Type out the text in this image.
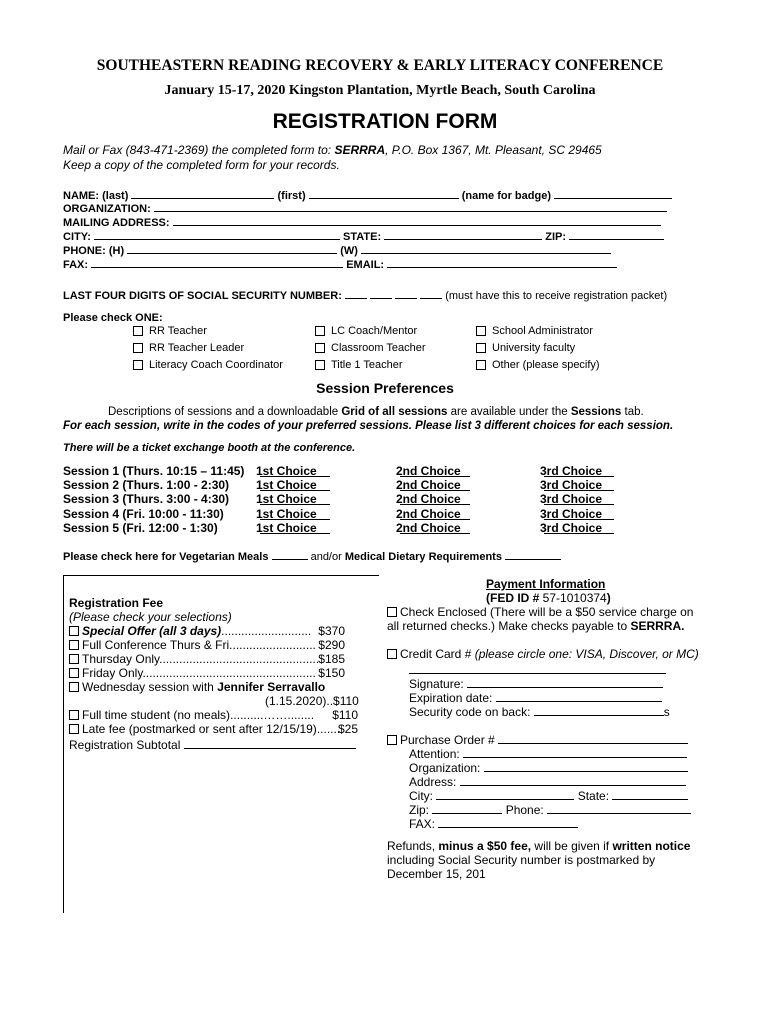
SOUTHEASTERN READING RECOVERY & EARLY LITERACY CONFERENCE
January 15-17, 2020 Kingston Plantation, Myrtle Beach, South Carolina
REGISTRATION FORM
Mail or Fax (843-471-2369) the completed form to: SERRRA, P.O. Box 1367, Mt. Pleasant, SC 29465
Keep a copy of the completed form for your records.
NAME: (last)	(first)	(name for badge)
ORGANIZATION:
MAILING ADDRESS:
CITY:	STATE:	ZIP:
PHONE: (H)	(W)
FAX:	EMAIL:
LAST FOUR DIGITS OF SOCIAL SECURITY NUMBER:	(must have this to receive registration packet)
Please check ONE:
RR Teacher
RR Teacher Leader
Literacy Coach Coordinator
LC Coach/Mentor
Classroom Teacher
Title 1 Teacher
School Administrator
University faculty
Other (please specify)
Session Preferences
Descriptions of sessions and a downloadable Grid of all sessions are available under the Sessions tab.
For each session, write in the codes of your preferred sessions. Please list 3 different choices for each session.
There will be a ticket exchange booth at the conference.
Session 1 (Thurs. 10:15 – 11:45) 1st Choice	2nd Choice	3rd Choice
Session 2 (Thurs. 1:00 - 2:30) 1st Choice	2nd Choice	3rd Choice
Session 3 (Thurs. 3:00 - 4:30) 1st Choice	2nd Choice	3rd Choice
Session 4 (Fri. 10:00 - 11:30)	1st Choice	2nd Choice	3rd Choice
Session 5 (Fri. 12:00 - 1:30)	1st Choice	2nd Choice	3rd Choice
Please check here for Vegetarian Meals	and/or Medical Dietary Requirements
Registration Fee
(Please check your selections)
Special Offer (all 3 days)........................... $370
Full Conference Thurs & Fri.......................... $290
Thursday Only................................................ $185
Friday Only.................................................... $150
Wednesday session with Jennifer Serravallo
(1.15.2020)..$110
Full time student (no meals)..........……........ $110
Late fee (postmarked or sent after 12/15/19).......
$25
Registration Subtotal
Payment Information
(FED ID # 57-1010374)
Check Enclosed (There will be a $50 service charge on
all returned checks.) Make checks payable to SERRRA.
Credit Card # (please circle one: VISA, Discover, or MC)
Signature:
Expiration date:
Security code on back:	s
Purchase Order #
Attention:
Organization:
Address:
City:	State:
Zip:	Phone:
FAX:
Refunds, minus a $50 fee, will be given if written notice
including Social Security number is postmarked by
December 15, 201
